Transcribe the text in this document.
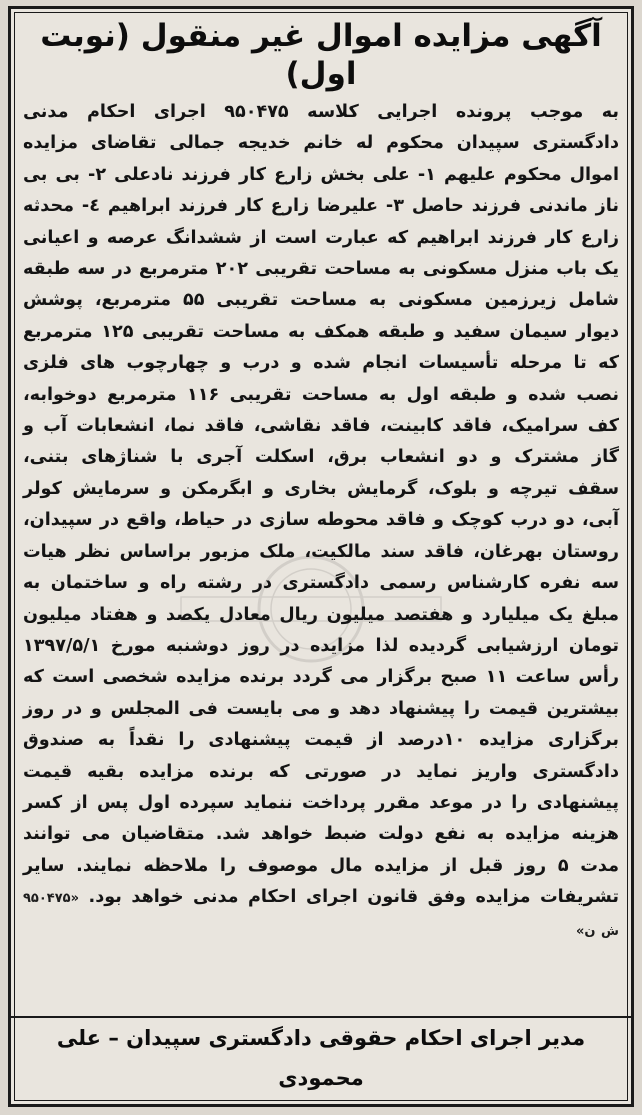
آگهی مزایده اموال غیر منقول (نوبت اول)

به موجب پرونده اجرایی کلاسه ۹۵۰۴۷۵ اجرای احکام مدنی دادگستری سپیدان محکوم له خانم خدیجه جمالی تقاضای مزایده اموال محکوم علیهم ۱- علی بخش زارع کار فرزند نادعلی ۲- بی بی ناز ماندنی فرزند حاصل ۳- علیرضا زارع کار فرزند ابراهیم ٤- محدثه زارع کار فرزند ابراهیم که عبارت است از ششدانگ عرصه و اعیانی یک باب منزل مسکونی به مساحت تقریبی ۲۰۲ مترمربع در سه طبقه شامل زیرزمین مسکونی به مساحت تقریبی ۵۵ مترمربع، پوشش دیوار سیمان سفید و طبقه همکف به مساحت تقریبی ۱۲۵ مترمربع که تا مرحله تأسیسات انجام شده و درب و چهارچوب های فلزی نصب شده و طبقه اول به مساحت تقریبی ۱۱۶ مترمربع دوخوابه، کف سرامیک، فاقد کابینت، فاقد نقاشی، فاقد نما، انشعابات آب و گاز مشترک و دو انشعاب برق، اسکلت آجری با شناژهای بتنی، سقف تیرچه و بلوک، گرمایش بخاری و ابگرمکن و سرمایش کولر آبی، دو درب کوچک و فاقد محوطه سازی در حیاط، واقع در سپیدان، روستان بهرغان، فاقد سند مالکیت، ملک مزبور براساس نظر هیات سه نفره کارشناس رسمی دادگستری در رشته راه و ساختمان به مبلغ یک میلیارد و هفتصد میلیون ریال معادل یکصد و هفتاد میلیون تومان ارزشیابی گردیده لذا مزایده در روز دوشنبه مورخ ۱۳۹۷/۵/۱ رأس ساعت ۱۱ صبح برگزار می گردد برنده مزایده شخصی است که بیشترین قیمت را پیشنهاد دهد و می بایست فی المجلس و در روز برگزاری مزایده ۱۰درصد از قیمت پیشنهادی را نقداً به صندوق دادگستری واریز نماید در صورتی که برنده مزایده بقیه قیمت پیشنهادی را در موعد مقرر پرداخت ننماید سپرده اول پس از کسر هزینه مزایده به نفع دولت ضبط خواهد شد. متقاضیان می توانند مدت ۵ روز قبل از مزایده مال موصوف را ملاحظه نمایند. سایر تشریفات مزایده وفق قانون اجرای احکام مدنی خواهد بود. «۹۵۰۴۷۵ ش ن»

مدیر اجرای احکام حقوقی دادگستری سپیدان – علی محمودی
